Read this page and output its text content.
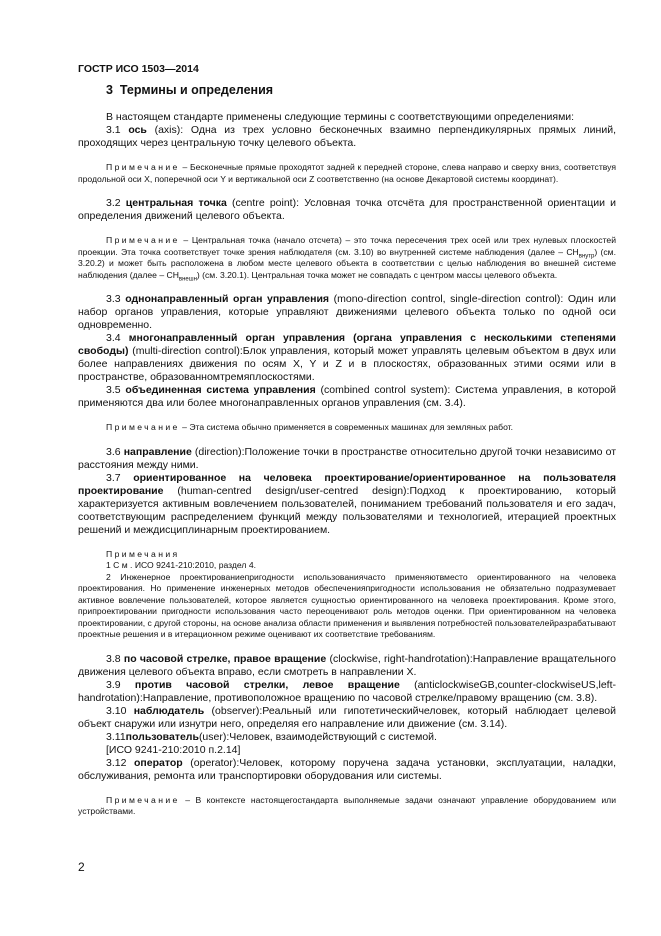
ГОСТР ИСО 1503—2014
3 Термины и определения

В настоящем стандарте применены следующие термины с соответствующими определениями:

3.1 ось (axis): Одна из трех условно бесконечных взаимно перпендикулярных прямых линий, проходящих через центральную точку целевого объекта.

Примечание – Бесконечные прямые проходятот задней к передней стороне, слева направо и сверху вниз, соответствуя продольной оси X, поперечной оси Y и вертикальной оси Z соответственно (на основе Декартовой системы координат).

3.2 центральная точка (centre point): Условная точка отсчёта для пространственной ориентации и определения движений целевого объекта.

Примечание – Центральная точка (начало отсчета) – это точка пересечения трех осей или трех нулевых плоскостей проекции. Эта точка соответствует точке зрения наблюдателя (см. 3.10) во внутренней системе наблюдения (далее – $CH_{внутр}$) (см. 3.20.2) и может быть расположена в любом месте целевого объекта в соответствии с целью наблюдения во внешней системе наблюдения (далее – $CH_{внешн}$) (см. 3.20.1). Центральная точка может не совпадать с центром массы целевого объекта.

3.3 однонаправленный орган управления (mono-direction control, single-direction control): Один или набор органов управления, которые управляют движениями целевого объекта только по одной оси одновременно.

3.4 многонаправленный орган управления (органа управления с несколькими степенями свободы) (multi-direction control):Блок управления, который может управлять целевым объектом в двух или более направлениях движения по осям X, Y и Z и в плоскостях, образованных этими осями или в пространстве, образованномтремяплоскостями.

3.5 объединенная система управления (combined control system): Система управления, в которой применяются два или более многонаправленных органов управления (см. 3.4).

Примечание – Эта система обычно применяется в современных машинах для земляных работ.

3.6 направление (direction):Положение точки в пространстве относительно другой точки независимо от расстояния между ними.

3.7 ориентированное на человека проектирование/ориентированное на пользователя проектирование (human-centred design/user-centred design):Подход к проектированию, который характеризуется активным вовлечением пользователей, пониманием требований пользователя и его задач, соответствующим распределением функций между пользователями и технологией, итерацией проектных решений и междисциплинарным проектированием.

Примечания

1 С м . ИСО 9241-210:2010, раздел 4.

2 Инженерное проектированиепригодности использованиячасто применяютвместо ориентированного на человека проектирования. Но применение инженерных методов обеспеченияпригодности использования не обязательно подразумевает активное вовлечение пользователей, которое является сущностью ориентированного на человека проектирования. Кроме этого, припроектировании пригодности использования часто переоценивают роль методов оценки. При ориентированном на человека проектировании, с другой стороны, на основе анализа области применения и выявления потребностей пользователейразрабатывают проектные решения и в итерационном режиме оценивают их соответствие требованиям.

3.8 по часовой стрелке, правое вращение (clockwise, right-handrotation):Направление вращательного движения целевого объекта вправо, если смотреть в направлении X.

3.9 против часовой стрелки, левое вращение (anticlockwiseGB,counter-clockwiseUS,left-handrotation):Направление, противоположное вращению по часовой стрелке/правому вращению (см. 3.8).

3.10 наблюдатель (observer):Реальный или гипотетическийчеловек, который наблюдает целевой объект снаружи или изнутри него, определяя его направление или движение (см. 3.14).

3.11пользователь(user):Человек, взаимодействующий с системой.

[ИСО 9241-210:2010 п.2.14]

3.12 оператор (operator):Человек, которому поручена задача установки, эксплуатации, наладки, обслуживания, ремонта или транспортировки оборудования или системы.

Примечание – В контексте настоящегостандарта выполняемые задачи означают управление оборудованием или устройствами.

2
